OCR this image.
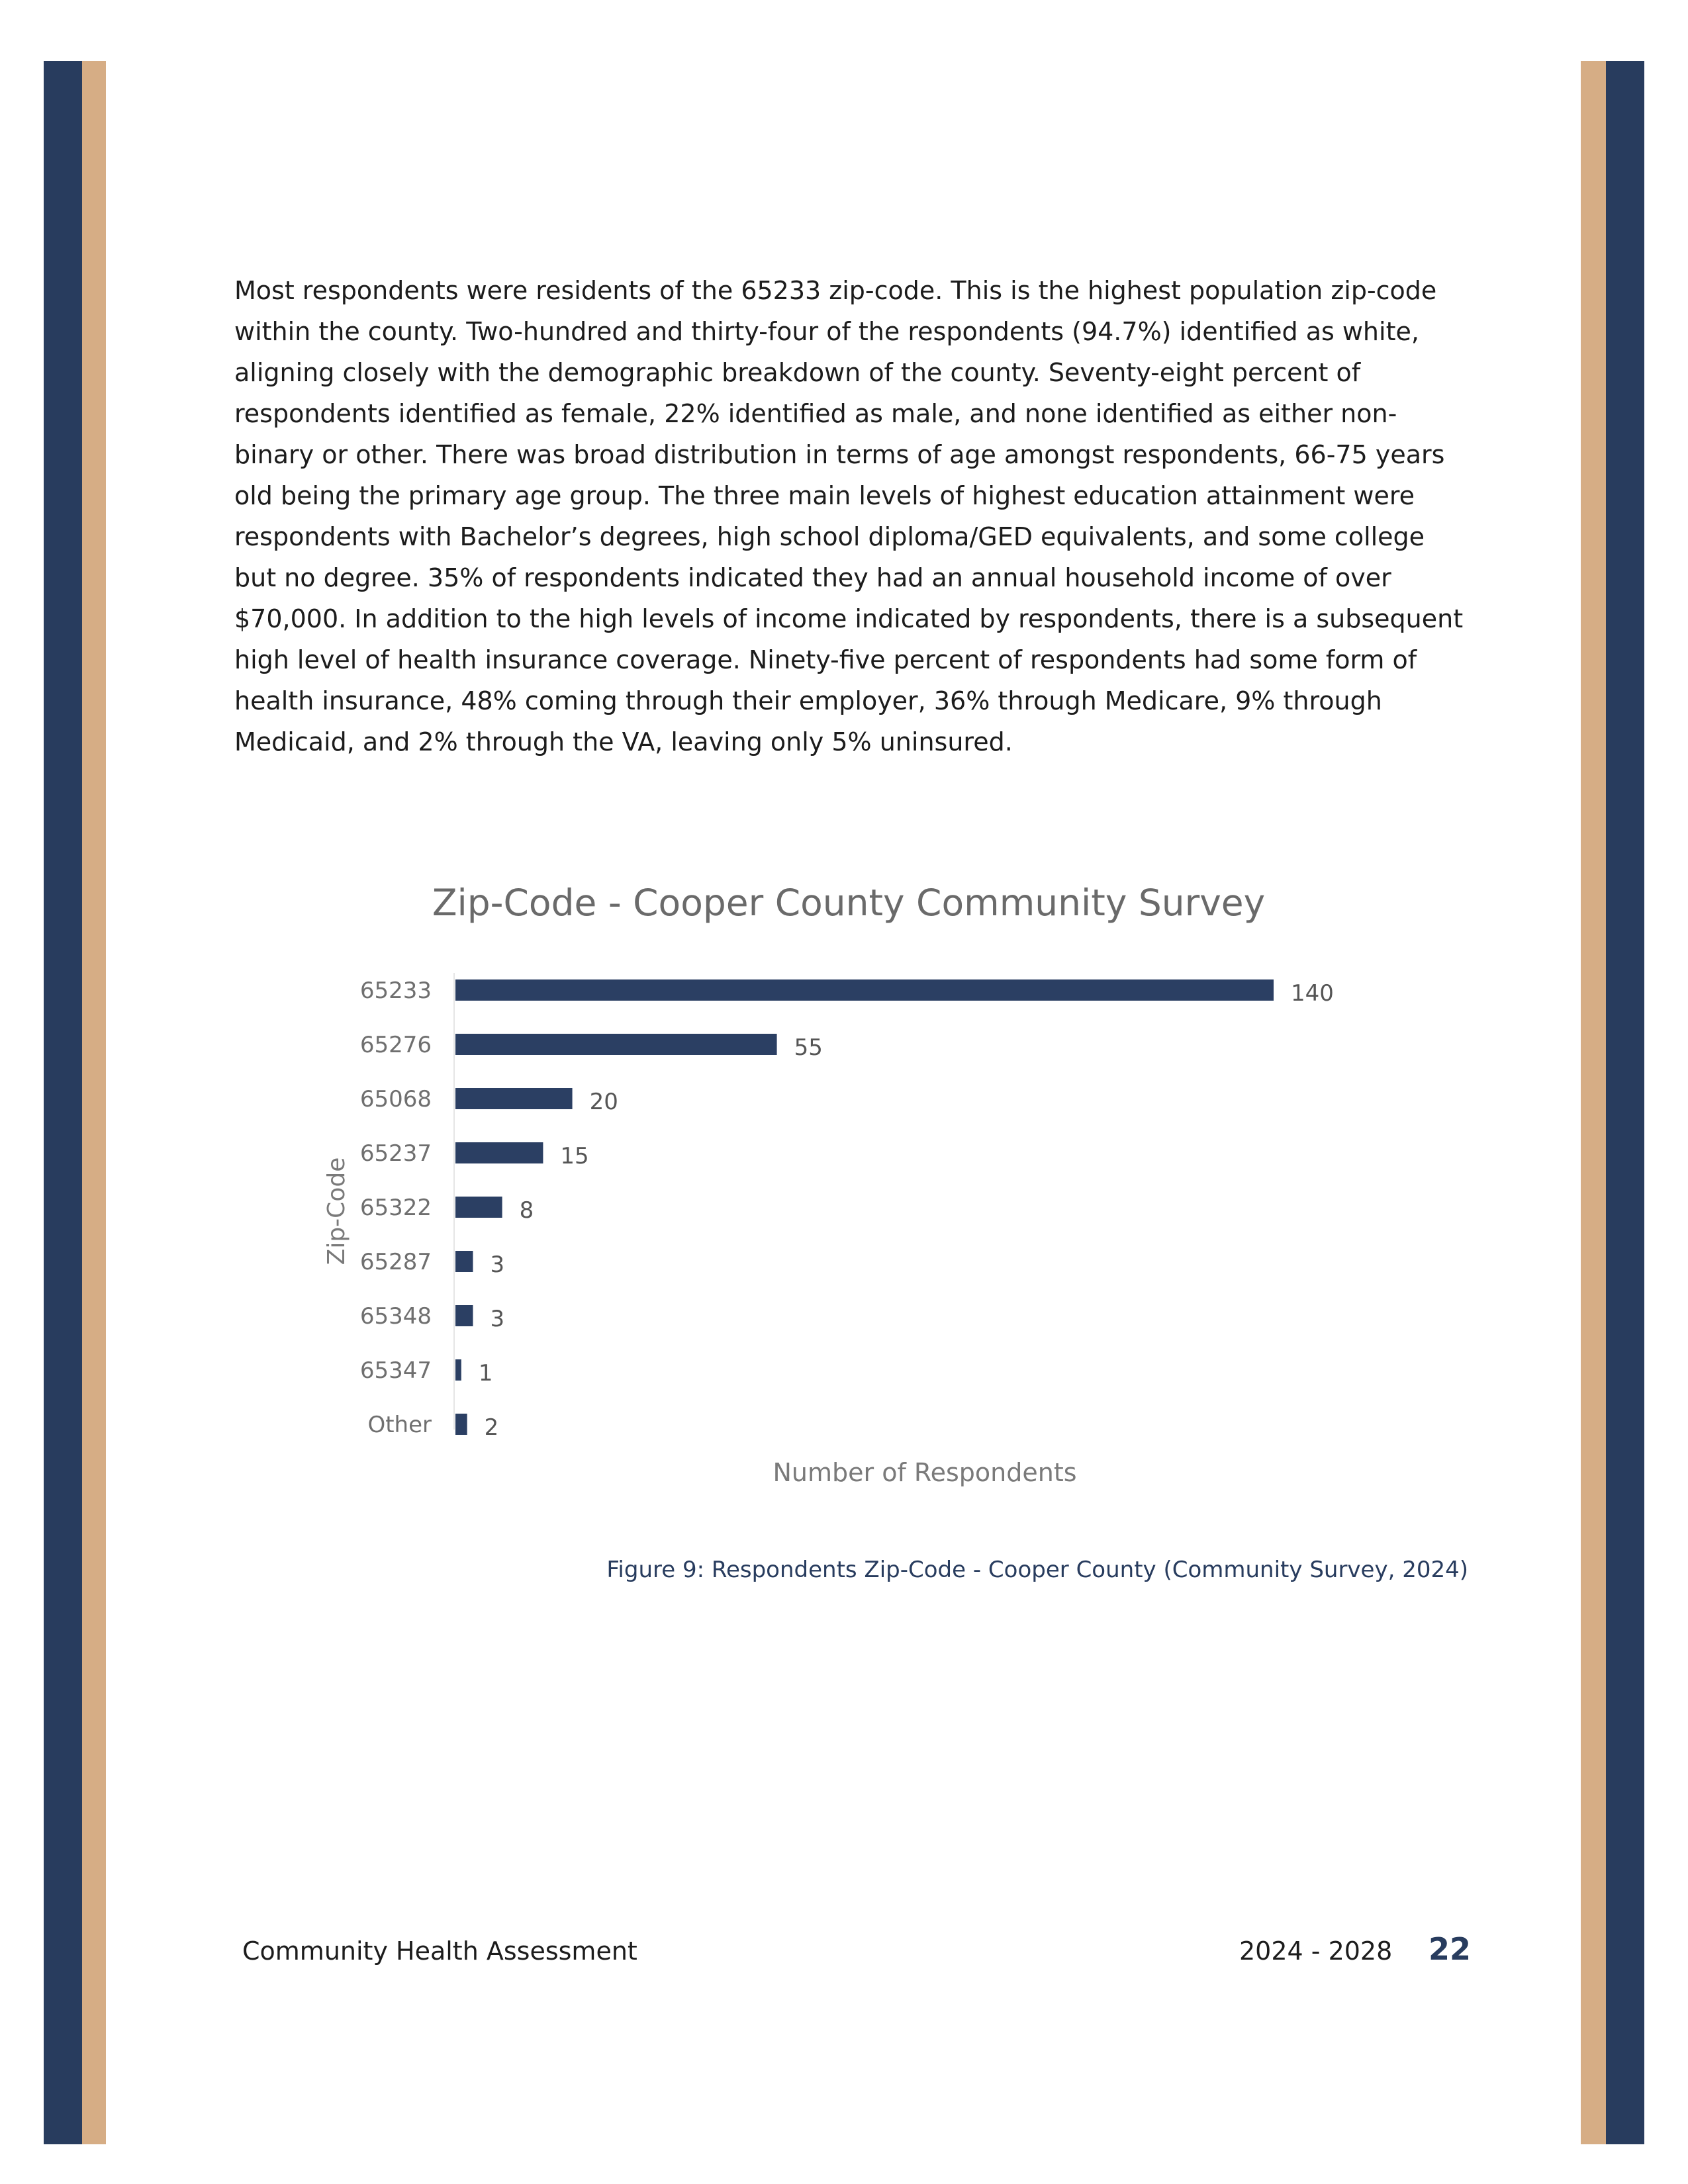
Most respondents were residents of the 65233 zip-code. This is the highest population zip-code within the county. Two-hundred and thirty-four of the respondents (94.7%) identified as white, aligning closely with the demographic breakdown of the county. Seventy-eight percent of respondents identified as female, 22% identified as male, and none identified as either non-binary or other. There was broad distribution in terms of age amongst respondents, 66-75 years old being the primary age group. The three main levels of highest education attainment were respondents with Bachelor’s degrees, high school diploma/GED equivalents, and some college but no degree. 35% of respondents indicated they had an annual household income of over $70,000. In addition to the high levels of income indicated by respondents, there is a subsequent high level of health insurance coverage. Ninety-five percent of respondents had some form of health insurance, 48% coming through their employer, 36% through Medicare, 9% through Medicaid, and 2% through the VA, leaving only 5% uninsured.

Zip-Code - Cooper County Community Survey
Zip-Code
Number of Respondents
65233	140
65276	55
65068	20
65237	15
65322	8
65287	3
65348	3
65347 1
Other 2
Figure 9: Respondents Zip-Code - Cooper County (Community Survey, 2024)
Community Health Assessment	2024 - 2028 22
